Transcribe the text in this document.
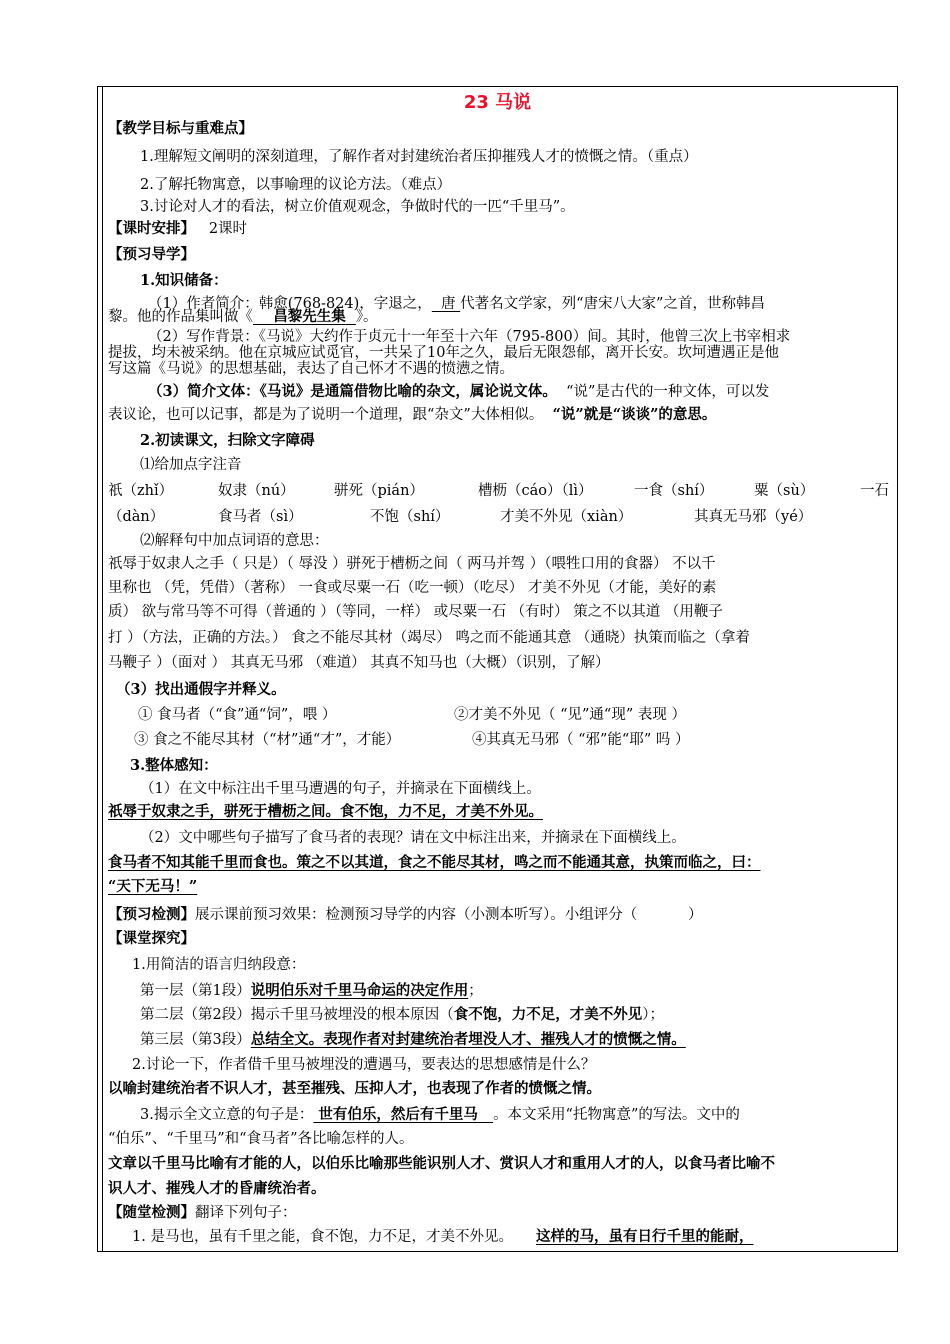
23 马说
【教学目标与重难点】
1.理解短文阐明的深刻道理，了解作者对封建统治者压抑摧残人才的愤慨之情。（重点）
2.了解托物寓意，以事喻理的议论方法。（难点）
3.讨论对人才的看法，树立价值观观念，争做时代的一匹“千里马”。
【课时安排】 2课时
【预习导学】
1.知识储备：
（1）作者简介：韩愈(768-824)，字退之， 唐 代著名文学家，列“唐宋八大家”之首，世称韩昌
黎。他的作品集叫做《 昌黎先生集 》。
（2）写作背景：《马说》大约作于贞元十一年至十六年（795-800）间。其时，他曾三次上书宰相求
提拔，均未被采纳。他在京城应试觅官，一共呆了10年之久，最后无限怨郁，离开长安。坎坷遭遇正是他
写这篇《马说》的思想基础，表达了自己怀才不遇的愤懑之情。
（3）简介文体：《马说》是通篇借物比喻的杂文，属论说文体。 “说”是古代的一种文体，可以发
表议论，也可以记事，都是为了说明一个道理，跟“杂文”大体相似。 “说”就是“谈谈”的意思。
2.初读课文，扫除文字障碍
⑴给加点字注音
祇（zhǐ）	奴隶（nú）	骈死（pián）	槽枥（cáo）（lì）	一食（shí）	粟（sù）	一石
（dàn）	食马者（sì）	不饱（shí）	才美不外见（xiàn）	其真无马邪（yé）
⑵解释句中加点词语的意思：
祇辱于奴隶人之手（ 只是）（ 辱没 ）骈死于槽枥之间（ 两马并驾 ）（喂牲口用的食器） 不以千
里称也 （凭，凭借）（著称） 一食或尽粟一石（吃一顿）（吃尽） 才美不外见（才能，美好的素
质） 欲与常马等不可得（普通的 ）（等同，一样） 或尽粟一石 （有时） 策之不以其道 （用鞭子
打 ）（方法，正确的方法。） 食之不能尽其材（竭尽） 鸣之而不能通其意 （通晓）执策而临之（拿着
马鞭子 ）（面对 ） 其真无马邪 （难道） 其真不知马也（大概）（识别，了解）
（3）找出通假字并释义。
① 食马者（“食”通“饲”，喂 ）	②才美不外见（ “见”通“现” 表现 ）
③ 食之不能尽其材（“材”通“才”，才能）	④其真无马邪（ “邪”能“耶” 吗 ）
3.整体感知：
（1）在文中标注出千里马遭遇的句子，并摘录在下面横线上。
祇辱于奴隶之手，骈死于槽枥之间。食不饱，力不足，才美不外见。
（2）文中哪些句子描写了食马者的表现？请在文中标注出来，并摘录在下面横线上。
食马者不知其能千里而食也。策之不以其道，食之不能尽其材，鸣之而不能通其意，执策而临之，曰：
“天下无马！”
【预习检测】展示课前预习效果：检测预习导学的内容（小测本听写）。小组评分（	）
【课堂探究】
1.用简洁的语言归纳段意：
第一层（第1段）说明伯乐对千里马命运的决定作用；
第二层（第2段）揭示千里马被埋没的根本原因（食不饱，力不足，才美不外见）；
第三层（第3段）总结全文。表现作者对封建统治者埋没人才、摧残人才的愤慨之情。
2.讨论一下，作者借千里马被埋没的遭遇马，要表达的思想感情是什么？
以喻封建统治者不识人才，甚至摧残、压抑人才，也表现了作者的愤慨之情。
3.揭示全文立意的句子是： 世有伯乐，然后有千里马 。本文采用“托物寓意”的写法。文中的
“伯乐”、“千里马”和“食马者”各比喻怎样的人。
文章以千里马比喻有才能的人，以伯乐比喻那些能识别人才、赏识人才和重用人才的人，以食马者比喻不
识人才、摧残人才的昏庸统治者。
【随堂检测】翻译下列句子：
1. 是马也，虽有千里之能，食不饱，力不足，才美不外见。 这样的马，虽有日行千里的能耐，
